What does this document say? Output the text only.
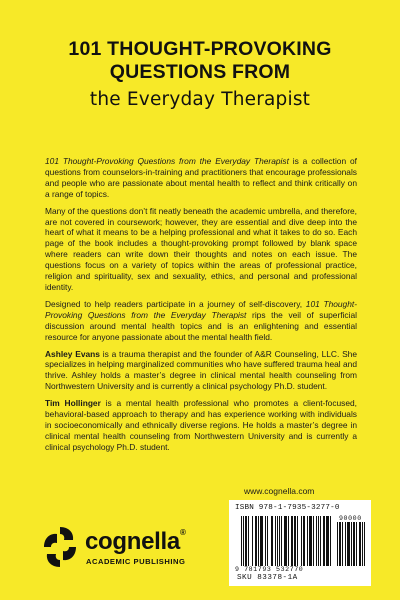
101 THOUGHT-PROVOKING
QUESTIONS FROM
the Everyday Therapist

101 Thought-Provoking Questions from the Everyday Therapist is a collection of questions from counselors-in-training and practitioners that encourage professionals and people who are passionate about mental health to reflect and think critically on a range of topics.

Many of the questions don’t fit neatly beneath the academic umbrella, and therefore, are not covered in coursework; however, they are essential and dive deep into the heart of what it means to be a helping professional and what it takes to do so. Each page of the book includes a thought-provoking prompt followed by blank space where readers can write down their thoughts and notes on each issue. The questions focus on a variety of topics within the areas of professional practice, religion and spirituality, sex and sexuality, ethics, and personal and professional identity.

Designed to help readers participate in a journey of self-discovery, 101 Thought-Provoking Questions from the Everyday Therapist rips the veil of superficial discussion around mental health topics and is an enlightening and essential resource for anyone passionate about the mental health field.

Ashley Evans is a trauma therapist and the founder of A&R Counseling, LLC. She specializes in helping marginalized communities who have suffered trauma heal and thrive. Ashley holds a master’s degree in clinical mental health counseling from Northwestern University and is currently a clinical psychology Ph.D. student.

Tim Hollinger is a mental health professional who promotes a client-focused, behavioral-based approach to therapy and has experience working with individuals in socioeconomically and ethnically diverse regions. He holds a master’s degree in clinical mental health counseling from Northwestern University and is currently a clinical psychology Ph.D. student.

www.cognella.com
cognella®
ACADEMIC PUBLISHING
ISBN 978-1-7935-3277-0
90000
9 781793 532770
SKU 83378-1A
